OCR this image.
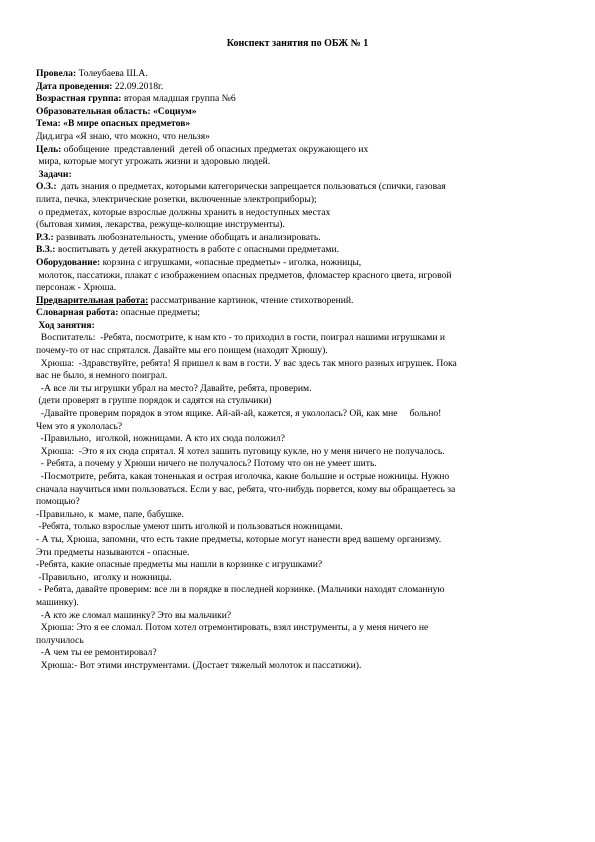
Конспект занятия по ОБЖ № 1

Провела: Толеубаева Ш.А.

Дата проведения: 22.09.2018г.

Возрастная группа: вторая младшая группа №6

Образовательная область: «Социум»

Тема: «В мире опасных предметов»

Дид.игра «Я знаю, что можно, что нельзя»

Цель: обобщение  представлений  детей об опасных предметах окружающего их

мира, которые могут угрожать жизни и здоровью людей.

Задачи:

О.З.:  дать знания о предметах, которыми категорически запрещается пользоваться (спички, газовая

плита, печка, электрические розетки, включенные электроприборы);

о предметах, которые взрослые должны хранить в недоступных местах

(бытовая химия, лекарства, режуще-колющие инструменты).

Р.З.: развивать любознательность, умение обобщать и анализировать.

В.З.: воспитывать у детей аккуратность в работе с опасными предметами.

Оборудование: корзина с игрушками, «опасные предметы» - иголка, ножницы,

молоток, пассатижи, плакат с изображением опасных предметов, фломастер красного цвета, игровой

персонаж - Хрюша.

Предварительная работа: рассматривание картинок, чтение стихотворений.

Словарная работа: опасные предметы;

Ход занятия:

Воспитатель:  -Ребята, посмотрите, к нам кто - то приходил в гости, поиграл нашими игрушками и

почему-то от нас спрятался. Давайте мы его поищем (находят Хрюшу).

Хрюша:  -Здравствуйте, ребята! Я пришел к вам в гости. У вас здесь так много разных игрушек. Пока

вас не было, я немного поиграл.

-А все ли ты игрушки убрал на место? Давайте, ребята, проверим.

(дети проверят в группе порядок и садятся на стульчики)

-Давайте проверим порядок в этом ящике. Ай-ай-ай, кажется, я укололась? Ой, как мне     больно!

Чем это я укололась?

-Правильно,  иголкой, ножницами. А кто их сюда положил?

Хрюша:  -Это я их сюда спрятал. Я хотел зашить пуговицу кукле, но у меня ничего не получалось.

- Ребята, а почему у Хрюши ничего не получалось? Потому что он не умеет шить.

-Посмотрите, ребята, какая тоненькая и острая иголочка, какие большие и острые ножницы. Нужно

сначала научиться ими пользоваться. Если у вас, ребята, что-нибудь порвется, кому вы обращаетесь за

помощью?

-Правильно, к  маме, папе, бабушке.

-Ребята, только взрослые умеют шить иголкой и пользоваться ножницами.

- А ты, Хрюша, запомни, что есть такие предметы, которые могут нанести вред вашему организму.

Эти предметы называются - опасные.

-Ребята, какие опасные предметы мы нашли в корзинке с игрушками?

-Правильно,  иголку и ножницы.

- Ребята, давайте проверим: все ли в порядке в последней корзинке. (Мальчики находят сломанную

машинку).

-А кто же сломал машинку? Это вы мальчики?

Хрюша: Это я ее сломал. Потом хотел отремонтировать, взял инструменты, а у меня ничего не

получилось

-А чем ты ее ремонтировал?

Хрюша:- Вот этими инструментами. (Достает тяжелый молоток и пассатижи).
